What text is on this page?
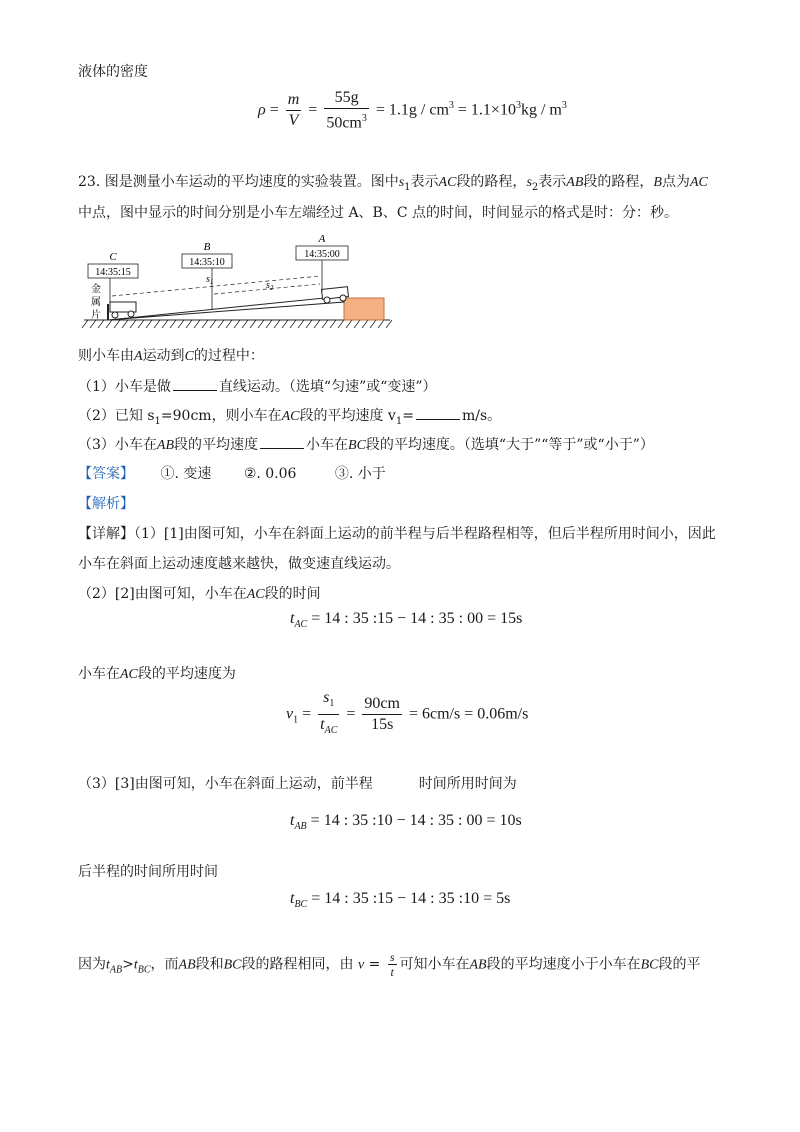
液体的密度
$\rho = \frac{m}{V} = \frac{55g}{50cm^3} = 1.1g / cm^3 = 1.1\times 10^3kg / m^3$
23. 图是测量小车运动的平均速度的实验装置。图中$s_1$表示AC段的路程，$s_2$表示AB段的路程，B点为AC
中点，图中显示的时间分别是小车左端经过 A、B、C 点的时间，时间显示的格式是时：分：秒。
14:35:15
C	14:35:10
B
14:35:00
A
$s_1$	$s_2$
金
属
片
则小车由A运动到C的过程中：
（1）小车是做	直线运动。（选填“匀速”或“变速”）
（2）已知 $s_1=90cm$，则小车在AC段的平均速度 $v_1=$	m/s。
（3）小车在AB段的平均速度	小车在BC段的平均速度。（选填“大于”“等于”或“小于”）
【答案】 ①. 变速 ②. 0.06	③. 小于
【解析】
【详解】（1）[1]由图可知，小车在斜面上运动的前半程与后半程路程相等，但后半程所用时间小，因此
小车在斜面上运动速度越来越快，做变速直线运动。
（2）[2]由图可知，小车在AC段的时间
$t_{AC} = 14$ : 35 :15 − 14 : 35 : 00 = 15s
小车在AC段的平均速度为
$v_1 = \frac{s_1}{t_{AC}} = \frac{90cm}{15s} = 6cm/s = 0.06m/s$
（3）[3]由图可知，小车在斜面上运动，前半程	时间所用时间为
$t_{AB} = 14$ : 35 :10 − 14 : 35 : 00 = 10s
后半程的时间所用时间
$t_{BC} = 14$ : 35 :15 − 14 : 35 :10 = 5s
因为$t_{AB}>t_{BC}$，而AB段和BC段的路程相同，由 $v = \frac{s}{t}$ 可知小车在AB段的平均速度小于小车在BC段的平
